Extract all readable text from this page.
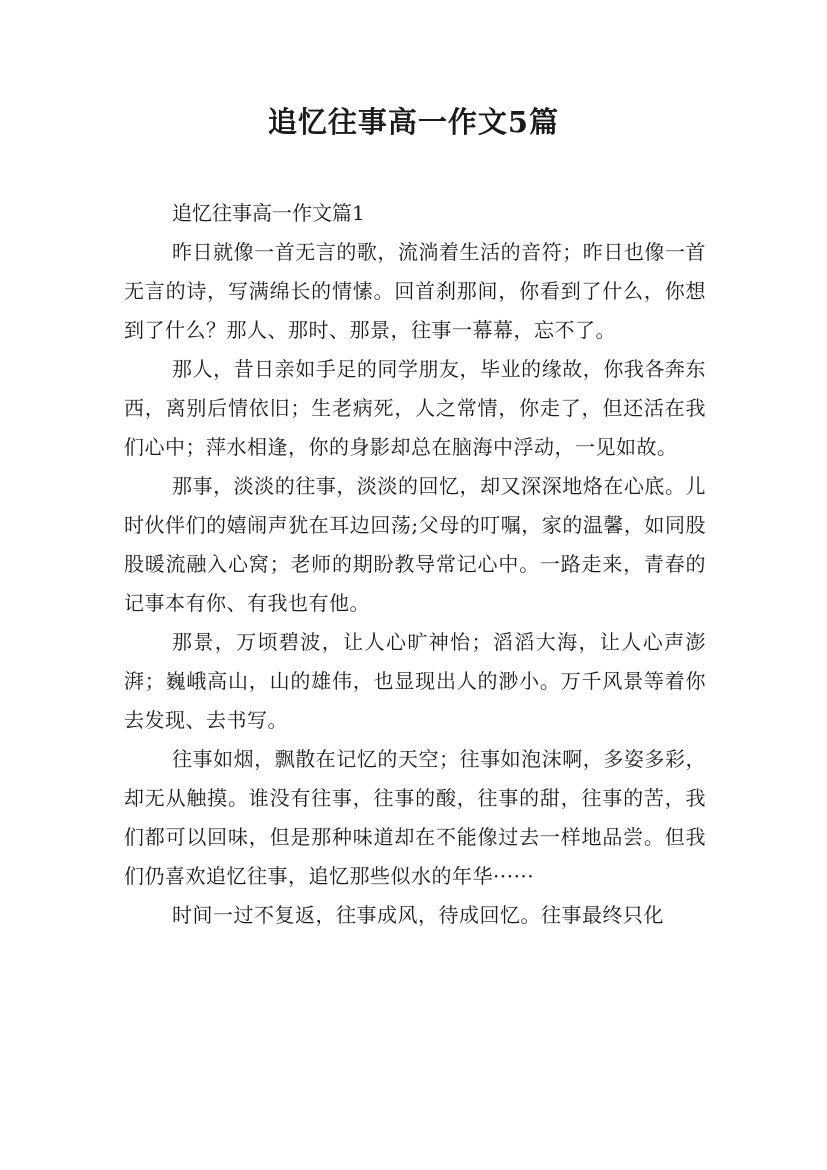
追忆往事高一作文5篇

追忆往事高一作文篇1

昨日就像一首无言的歌，流淌着生活的音符；昨日也像一首无言的诗，写满绵长的情愫。回首刹那间，你看到了什么，你想到了什么？那人、那时、那景，往事一幕幕，忘不了。

那人，昔日亲如手足的同学朋友，毕业的缘故，你我各奔东西，离别后情依旧；生老病死，人之常情，你走了，但还活在我们心中；萍水相逢，你的身影却总在脑海中浮动，一见如故。

那事，淡淡的往事，淡淡的回忆，却又深深地烙在心底。儿时伙伴们的嬉闹声犹在耳边回荡;父母的叮嘱，家的温馨，如同股股暖流融入心窝；老师的期盼教导常记心中。一路走来，青春的记事本有你、有我也有他。

那景，万顷碧波，让人心旷神怡；滔滔大海，让人心声澎湃；巍峨高山，山的雄伟，也显现出人的渺小。万千风景等着你去发现、去书写。

往事如烟，飘散在记忆的天空；往事如泡沫啊，多姿多彩，却无从触摸。谁没有往事，往事的酸，往事的甜，往事的苦，我们都可以回味，但是那种味道却在不能像过去一样地品尝。但我们仍喜欢追忆往事，追忆那些似水的年华······

时间一过不复返，往事成风，待成回忆。往事最终只化
